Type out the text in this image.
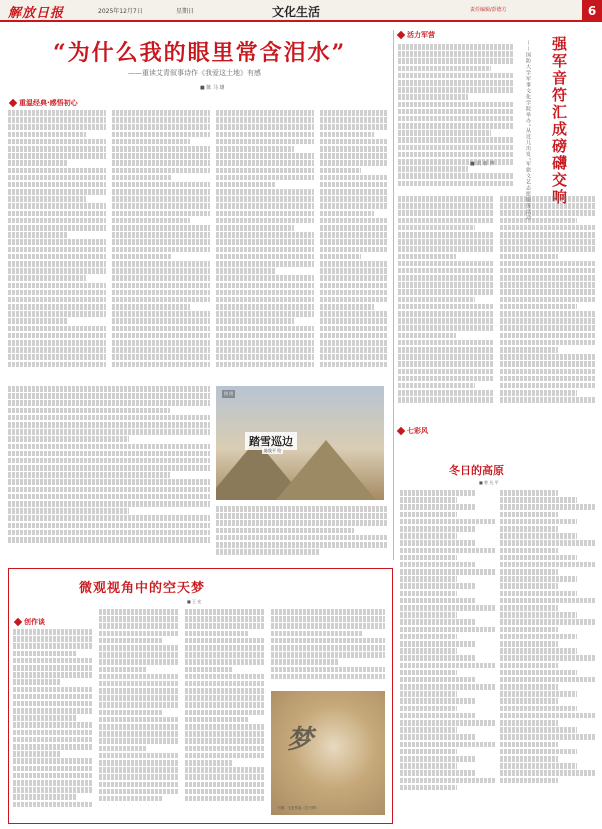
解放日报	2025年12月7日	星期日	文化生活	责任编辑/彭德方	6
“为什么我的眼里常含泪水”
——重读艾青叙事诗作《我爱这土地》有感
■ 陈 马 雄
重温经典·感悟初心
活力军营
强军音符汇成磅礴交响
——国防大学军事文化学院举办“从这儿出发”军旅文艺志愿服务活动
■ 洪 新 博
图 图
踏雪巡边
陈俊平 绘
七彩风
冬日的高原
■ 曾 凡 平
微观视角中的空天梦
■ 王 宏
创作谈
梦
下图：王宏作品《空天梦》
